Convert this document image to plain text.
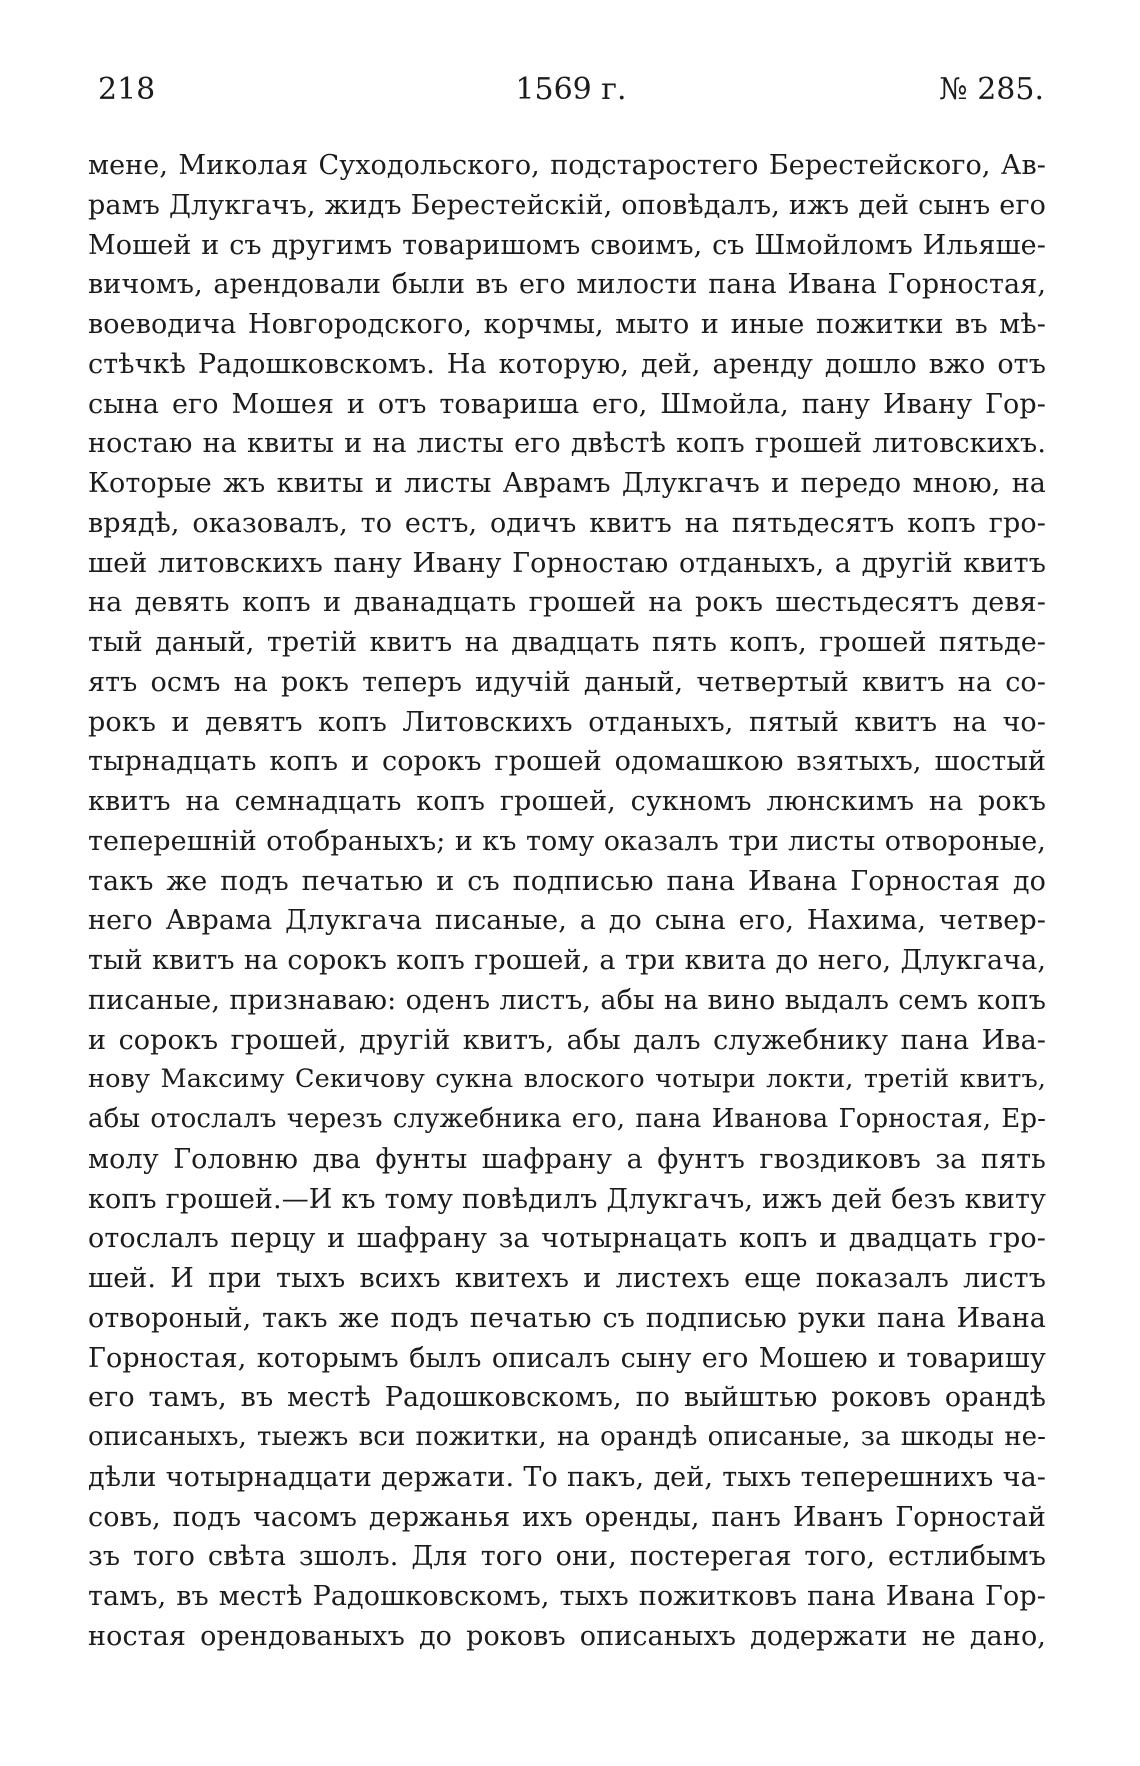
218	1569 г.	№ 285.
мене, Миколая Суходольского, подстаростего Берестейского, Ав-
рамъ Длукгачъ, жидъ Берестейскій, оповѣдалъ, ижъ дей сынъ его
Мошей и съ другимъ товаришомъ своимъ, съ Шмойломъ Ильяше-
вичомъ, арендовали были въ его милости пана Ивана Горностая,
воеводича Новгородского, корчмы, мыто и иные пожитки въ мѣ-
стѣчкѣ Радошковскомъ. На которую, дей, аренду дошло вжо отъ
сына его Мошея и отъ товариша его, Шмойла, пану Ивану Гор-
ностаю на квиты и на листы его двѣстѣ копъ грошей литовскихъ.
Которые жъ квиты и листы Аврамъ Длукгачъ и передо мною, на
врядѣ, оказовалъ, то естъ, одичъ квитъ на пятьдесятъ копъ гро-
шей литовскихъ пану Ивану Горностаю отданыхъ, а другій квитъ
на девять копъ и дванадцать грошей на рокъ шестьдесятъ девя-
тый даный, третій квитъ на двадцать пять копъ, грошей пятьде-
ятъ осмъ на рокъ теперъ идучій даный, четвертый квитъ на со-
рокъ и девятъ копъ Литовскихъ отданыхъ, пятый квитъ на чо-
тырнадцать копъ и сорокъ грошей одомашкою взятыхъ, шостый
квитъ на семнадцать копъ грошей, сукномъ люнскимъ на рокъ
теперешній отобраныхъ; и къ тому оказалъ три листы отвороные,
такъ же подъ печатью и съ подписью пана Ивана Горностая до
него Аврама Длукгача писаные, а до сына его, Нахима, четвер-
тый квитъ на сорокъ копъ грошей, а три квита до него, Длукгача,
писаные, признаваю: оденъ листъ, абы на вино выдалъ семъ копъ
и сорокъ грошей, другій квитъ, абы далъ служебнику пана Ива-
нову Максиму Секичову сукна влоского чотыри локти, третій квитъ,
абы отослалъ черезъ служебника его, пана Иванова Горностая, Ер-
молу Головню два фунты шафрану а фунтъ гвоздиковъ за пять
копъ грошей.—И къ тому повѣдилъ Длукгачъ, ижъ дей безъ квиту
отослалъ перцу и шафрану за чотырнацать копъ и двадцать гро-
шей. И при тыхъ всихъ квитехъ и листехъ еще показалъ листъ
отвороный, такъ же подъ печатью съ подписью руки пана Ивана
Горностая, которымъ былъ описалъ сыну его Мошею и товаришу
его тамъ, въ местѣ Радошковскомъ, по выйштью роковъ орандѣ
описаныхъ, тыежъ вси пожитки, на орандѣ описаные, за шкоды не-
дѣли чотырнадцати держати. То пакъ, дей, тыхъ теперешнихъ ча-
совъ, подъ часомъ держанья ихъ оренды, панъ Иванъ Горностай
зъ того свѣта зшолъ. Для того они, постерегая того, естлибымъ
тамъ, въ местѣ Радошковскомъ, тыхъ пожитковъ пана Ивана Гор-
ностая орендованыхъ до роковъ описаныхъ додержати не дано,
